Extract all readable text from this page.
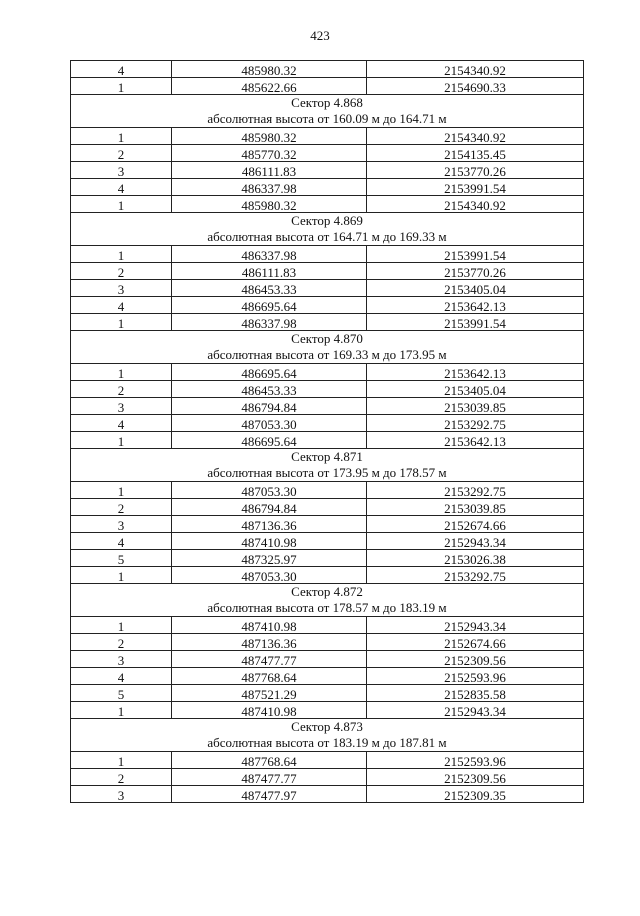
423
4	485980.32	2154340.92
1	485622.66	2154690.33

Сектор 4.868
абсолютная высота от 160.09 м до 164.71 м		

1	485980.32	2154340.92
2	485770.32	2154135.45
3	486111.83	2153770.26
4	486337.98	2153991.54
1	485980.32	2154340.92

Сектор 4.869
абсолютная высота от 164.71 м до 169.33 м		

1	486337.98	2153991.54
2	486111.83	2153770.26
3	486453.33	2153405.04
4	486695.64	2153642.13
1	486337.98	2153991.54

Сектор 4.870
абсолютная высота от 169.33 м до 173.95 м		

1	486695.64	2153642.13
2	486453.33	2153405.04
3	486794.84	2153039.85
4	487053.30	2153292.75
1	486695.64	2153642.13

Сектор 4.871
абсолютная высота от 173.95 м до 178.57 м		

1	487053.30	2153292.75
2	486794.84	2153039.85
3	487136.36	2152674.66
4	487410.98	2152943.34
5	487325.97	2153026.38
1	487053.30	2153292.75

Сектор 4.872
абсолютная высота от 178.57 м до 183.19 м		

1	487410.98	2152943.34
2	487136.36	2152674.66
3	487477.77	2152309.56
4	487768.64	2152593.96
5	487521.29	2152835.58
1	487410.98	2152943.34

Сектор 4.873
абсолютная высота от 183.19 м до 187.81 м		

1	487768.64	2152593.96
2	487477.77	2152309.56
3	487477.97	2152309.35
